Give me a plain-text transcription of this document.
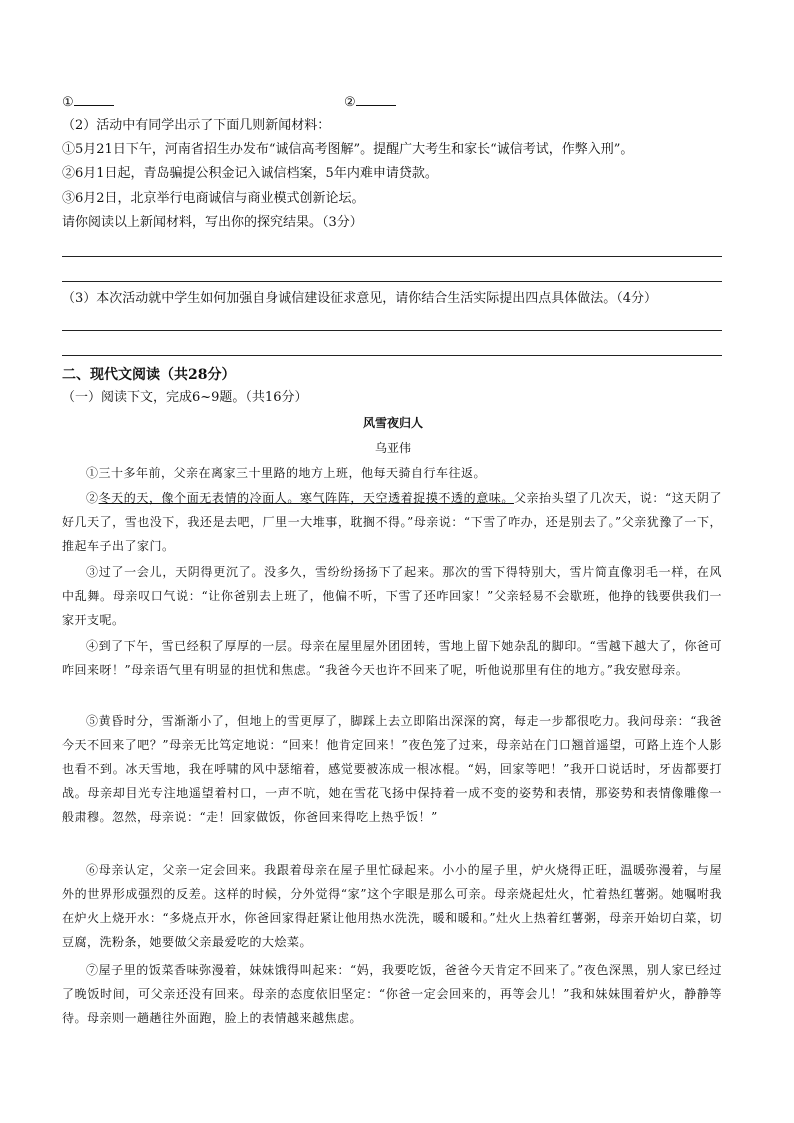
①	②
（2）活动中有同学出示了下面几则新闻材料：
①5月21日下午，河南省招生办发布“诚信高考图解”。提醒广大考生和家长“诚信考试，作弊入刑”。
②6月1日起，青岛骗提公积金记入诚信档案，5年内难申请贷款。
③6月2日，北京举行电商诚信与商业模式创新论坛。
请你阅读以上新闻材料，写出你的探究结果。（3分）
（3）本次活动就中学生如何加强自身诚信建设征求意见，请你结合生活实际提出四点具体做法。（4分）
二、现代文阅读（共28分）
（一）阅读下文，完成6~9题。（共16分）
风雪夜归人
乌亚伟
①三十多年前，父亲在离家三十里路的地方上班，他每天骑自行车往返。
②冬天的天，像个面无表情的冷面人。寒气阵阵，天空透着捉摸不透的意味。父亲抬头望了几次天，说：“这天阴了好几天了，雪也没下，我还是去吧，厂里一大堆事，耽搁不得。”母亲说：“下雪了咋办，还是别去了。”父亲犹豫了一下，推起车子出了家门。
③过了一会儿，天阴得更沉了。没多久，雪纷纷扬扬下了起来。那次的雪下得特别大，雪片简直像羽毛一样，在风中乱舞。母亲叹口气说：“让你爸别去上班了，他偏不听，下雪了还咋回家！”父亲轻易不会歇班，他挣的钱要供我们一家开支呢。
④到了下午，雪已经积了厚厚的一层。母亲在屋里屋外团团转，雪地上留下她杂乱的脚印。“雪越下越大了，你爸可咋回来呀！”母亲语气里有明显的担忧和焦虑。“我爸今天也许不回来了呢，听他说那里有住的地方。”我安慰母亲。
⑤黄昏时分，雪渐渐小了，但地上的雪更厚了，脚踩上去立即陷出深深的窝，每走一步都很吃力。我问母亲：“我爸今天不回来了吧？”母亲无比笃定地说：“回来！他肯定回来！”夜色笼了过来，母亲站在门口翘首遥望，可路上连个人影也看不到。冰天雪地，我在呼啸的风中瑟缩着，感觉要被冻成一根冰棍。“妈，回家等吧！”我开口说话时，牙齿都要打战。母亲却目光专注地遥望着村口，一声不吭，她在雪花飞扬中保持着一成不变的姿势和表情，那姿势和表情像雕像一般肃穆。忽然，母亲说：“走！回家做饭，你爸回来得吃上热乎饭！”
⑥母亲认定，父亲一定会回来。我跟着母亲在屋子里忙碌起来。小小的屋子里，炉火烧得正旺，温暖弥漫着，与屋外的世界形成强烈的反差。这样的时候，分外觉得“家”这个字眼是那么可亲。母亲烧起灶火，忙着热红薯粥。她嘱咐我在炉火上烧开水：“多烧点开水，你爸回家得赶紧让他用热水洗洗，暖和暖和。”灶火上热着红薯粥，母亲开始切白菜，切豆腐，洗粉条，她要做父亲最爱吃的大烩菜。
⑦屋子里的饭菜香味弥漫着，妹妹饿得叫起来：“妈，我要吃饭，爸爸今天肯定不回来了。”夜色深黑，别人家已经过了晚饭时间，可父亲还没有回来。母亲的态度依旧坚定：“你爸一定会回来的，再等会儿！”我和妹妹围着炉火，静静等待。母亲则一趟趟往外面跑，脸上的表情越来越焦虑。
